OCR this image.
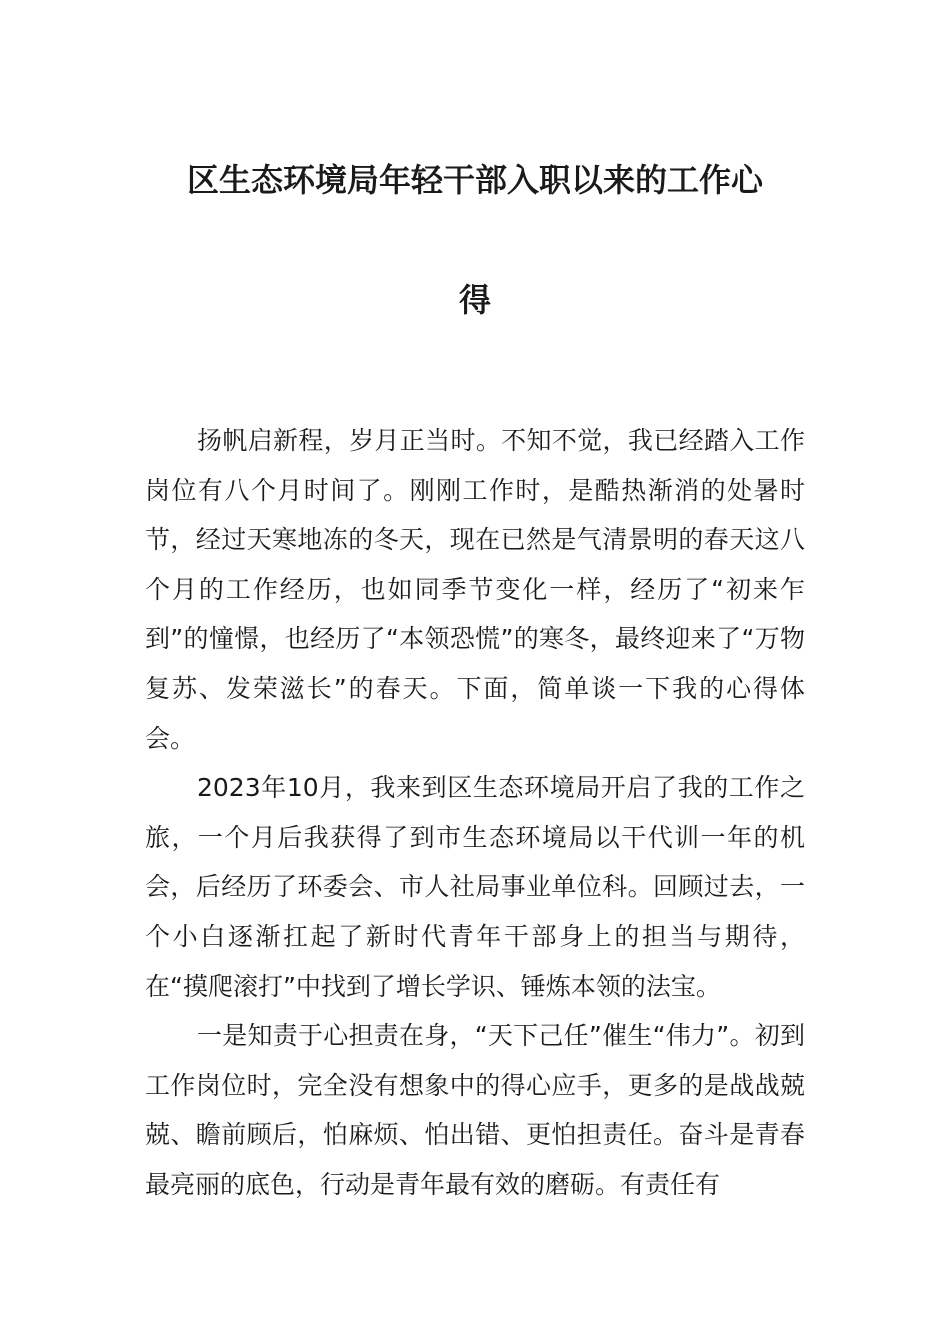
区生态环境局年轻干部入职以来的工作心
得

扬帆启新程，岁月正当时。不知不觉，我已经踏入工作岗位有八个月时间了。刚刚工作时，是酷热渐消的处暑时节，经过天寒地冻的冬天，现在已然是气清景明的春天这八个月的工作经历，也如同季节变化一样，经历了“初来乍到”的憧憬，也经历了“本领恐慌”的寒冬，最终迎来了“万物复苏、发荣滋长”的春天。下面，简单谈一下我的心得体会。

2023年10月，我来到区生态环境局开启了我的工作之旅，一个月后我获得了到市生态环境局以干代训一年的机会，后经历了环委会、市人社局事业单位科。回顾过去，一个小白逐渐扛起了新时代青年干部身上的担当与期待，在“摸爬滚打”中找到了增长学识、锤炼本领的法宝。

一是知责于心担责在身，“天下己任”催生“伟力”。初到工作岗位时，完全没有想象中的得心应手，更多的是战战兢兢、瞻前顾后，怕麻烦、怕出错、更怕担责任。奋斗是青春最亮丽的底色，行动是青年最有效的磨砺。有责任有
